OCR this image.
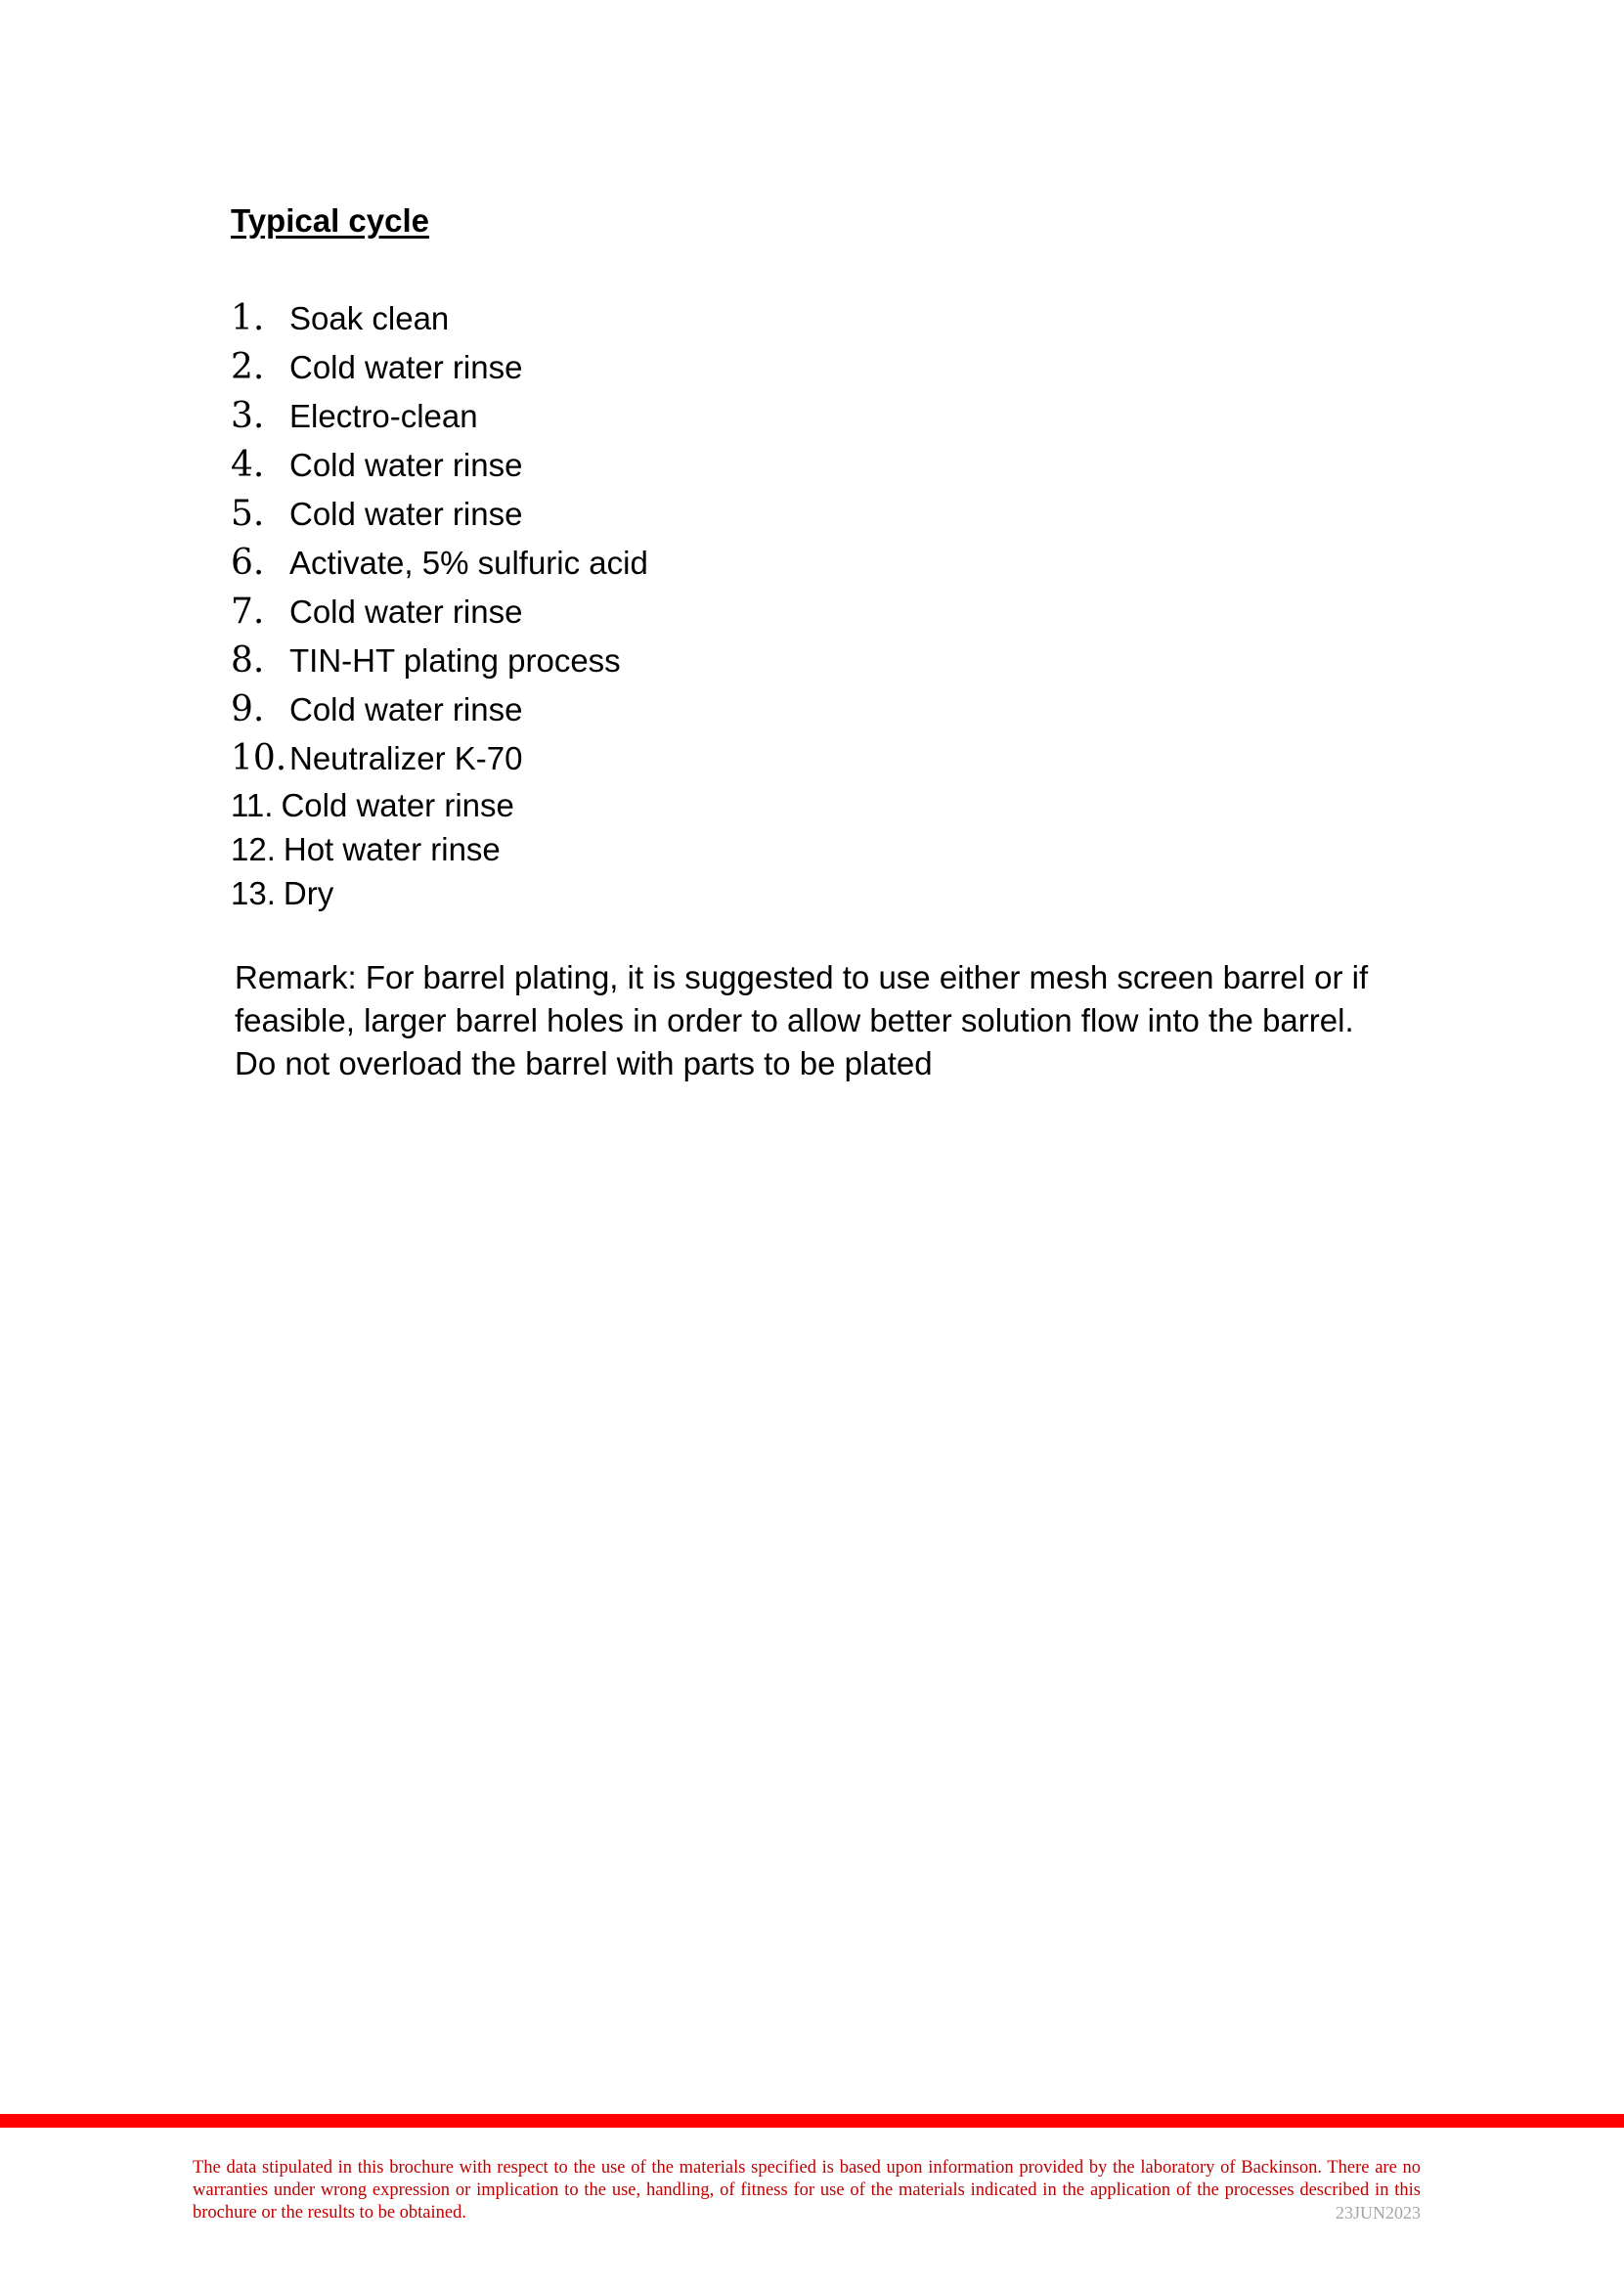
Typical cycle
1. Soak clean
2. Cold water rinse
3. Electro-clean
4. Cold water rinse
5. Cold water rinse
6. Activate, 5% sulfuric acid
7. Cold water rinse
8. TIN-HT plating process
9. Cold water rinse
10. Neutralizer K-70
11. Cold water rinse
12. Hot water rinse
13. Dry

Remark: For barrel plating, it is suggested to use either mesh screen barrel or if feasible, larger barrel holes in order to allow better solution flow into the barrel. Do not overload the barrel with parts to be plated

The data stipulated in this brochure with respect to the use of the materials specified is based upon information provided by the laboratory of Backinson. There are no warranties under wrong expression or implication to the use, handling, of fitness for use of the materials indicated in the application of the processes described in this brochure or the results to be obtained.	23JUN2023
